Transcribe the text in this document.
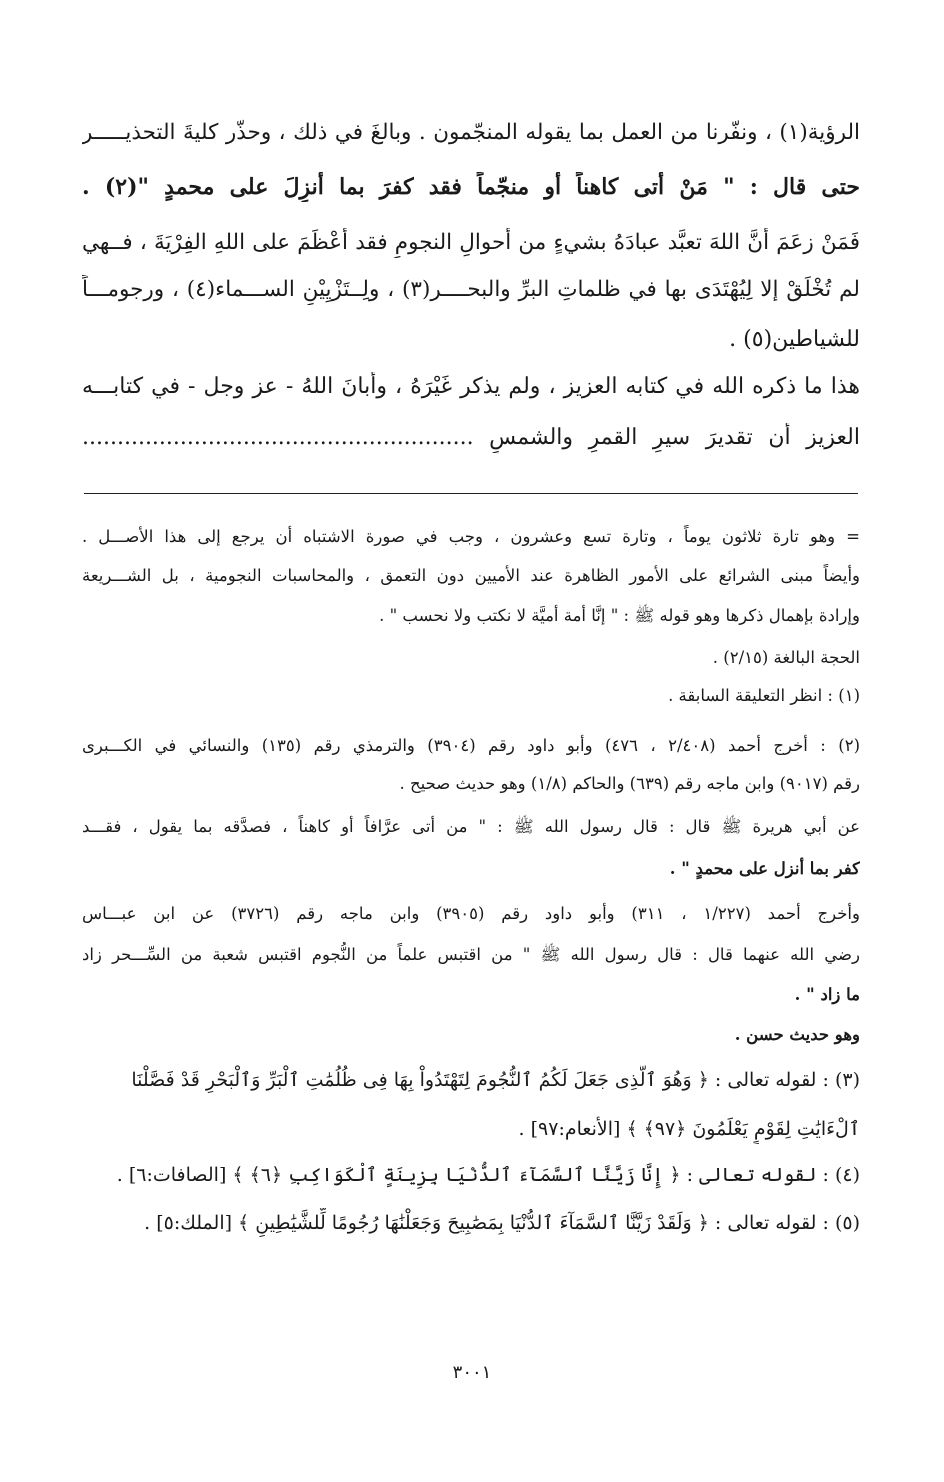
الرؤية(١) ، ونفّرنا من العمل بما يقوله المنجّمون . وبالغَ في ذلك ، وحذّر كليةَ التحذيـــــر
حتى قال : " مَنْ أتى كاهناً أو منجّماً فقد كفرَ بما أُنزِلَ على محمدٍ "(٢) .
فَمَنْ زعَمَ أنَّ اللهَ تعبَّد عبادَهُ بشيءٍ من أحوالِ النجومِ فقد أَعْظَمَ على اللهِ الفِرْيَةَ ، فــهي
لم تُخْلَقْ إلا لِيُهْتَدَى بها في ظلماتِ البرِّ والبحــــر(٣) ، ولِــتَزْيِيْنِ الســـماء(٤) ، ورجومـــاً
للشياطين(٥) .
هذا ما ذكره الله في كتابه العزيز ، ولم يذكر غَيْرَهُ ، وأبانَ اللهُ - عز وجل - في كتابـــه
العزيز أن تقديرَ سيرِ القمرِ والشمسِ ........................................................
= وهو تارة ثلاثون يوماً ، وتارة تسع وعشرون ، وجب في صورة الاشتباه أن يرجع إلى هذا الأصـــل .
وأيضاً مبنى الشرائع على الأمور الظاهرة عند الأميين دون التعمق ، والمحاسبات النجومية ، بل الشـــريعة
وإرادة بإهمال ذكرها وهو قوله ﷺ : " إنَّا أمة أميَّة لا نكتب ولا نحسب " .
الحجة البالغة (٢/١٥) .
(١) : انظر التعليقة السابقة .
(٢) : أخرج أحمد (٢/٤٠٨ ، ٤٧٦) وأبو داود رقم (٣٩٠٤) والترمذي رقم (١٣٥) والنسائي في الكـــبرى
رقم (٩٠١٧) وابن ماجه رقم (٦٣٩) والحاكم (١/٨) وهو حديث صحيح .
عن أبي هريرة ﷺ قال : قال رسول الله ﷺ : " من أتى عرَّافاً أو كاهناً ، فصدَّقه بما يقول ، فقـــد
كفر بما أنزل على محمدٍ " .
وأخرج أحمد (١/٢٢٧ ، ٣١١) وأبو داود رقم (٣٩٠٥) وابن ماجه رقم (٣٧٢٦) عن ابن عبـــاس
رضي الله عنهما قال : قال رسول الله ﷺ " من اقتبس علماً من النُّجوم اقتبس شعبة من السِّـــحر زاد
ما زاد " .
وهو حديث حسن .
(٣) : لقوله تعالى : ﴿ وَهُوَ ٱلَّذِى جَعَلَ لَكُمُ ٱلنُّجُومَ لِتَهْتَدُواْ بِهَا فِى ظُلُمَٰتِ ٱلْبَرِّ وَٱلْبَحْرِ قَدْ فَصَّلْنَا
ٱلْءَايَٰتِ لِقَوْمٍ يَعْلَمُونَ ﴿٩٧﴾ ﴾ [الأنعام:٩٧] .
(٤) : لقوله تعالى : ﴿ إِنَّا زَيَّنَّا ٱلسَّمَآءَ ٱلدُّنْيَا بِزِينَةٍ ٱلْكَوَاكِبِ ﴿٦﴾ ﴾ [الصافات:٦] .
(٥) : لقوله تعالى : ﴿ وَلَقَدْ زَيَّنَّا ٱلسَّمَآءَ ٱلدُّنْيَا بِمَصَٰبِيحَ وَجَعَلْنَٰهَا رُجُومًا لِّلشَّيَٰطِينِ ﴾ [الملك:٥] .
٣٠٠١
